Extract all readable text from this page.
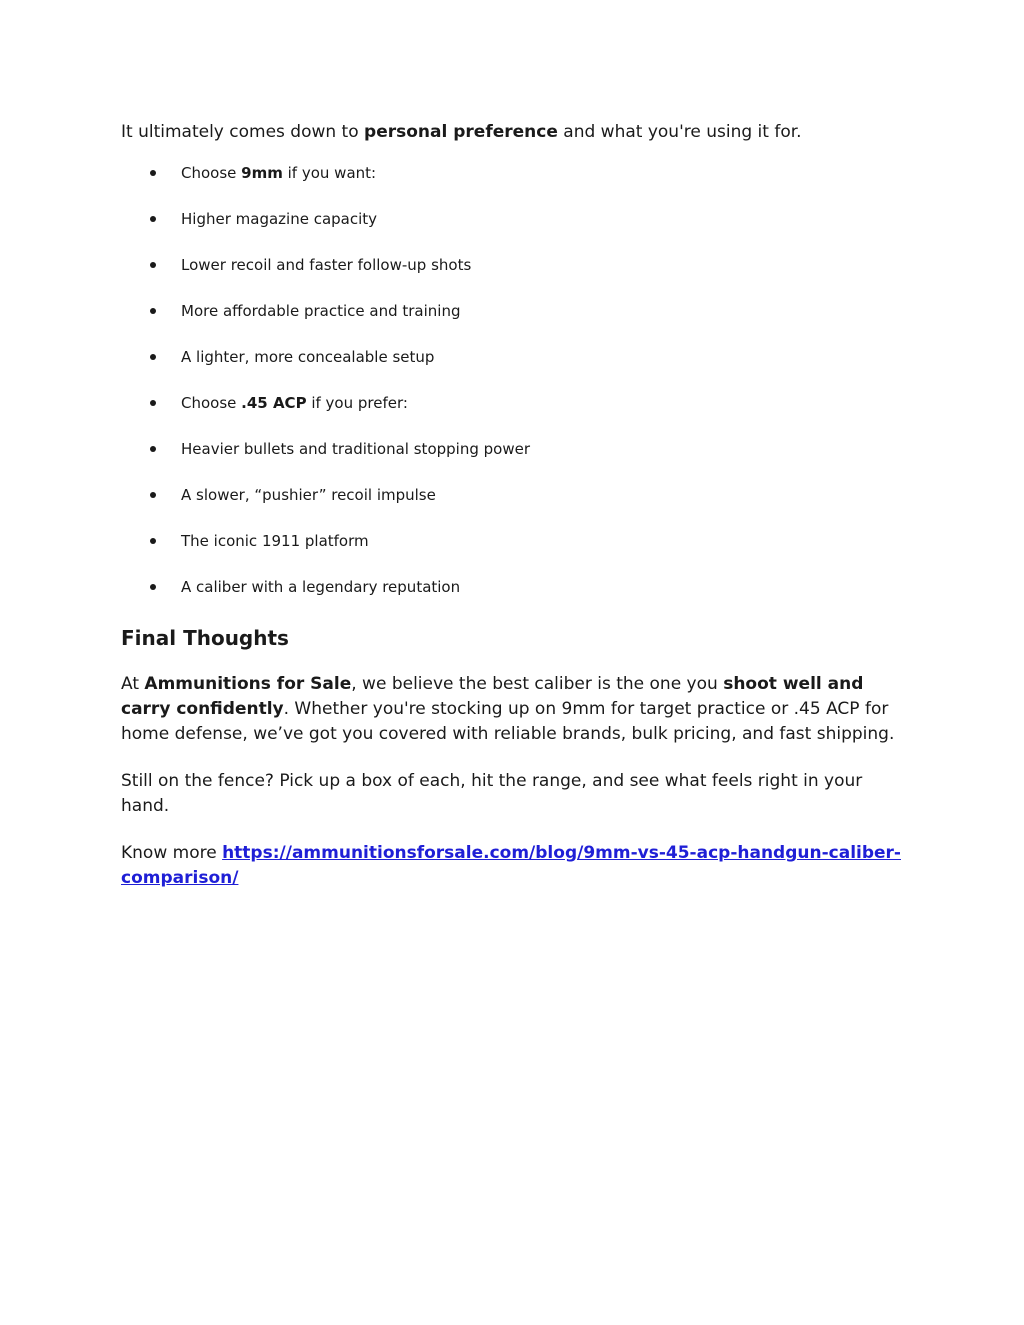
It ultimately comes down to personal preference and what you're using it for.

Choose 9mm if you want:
Higher magazine capacity
Lower recoil and faster follow-up shots
More affordable practice and training
A lighter, more concealable setup
Choose .45 ACP if you prefer:
Heavier bullets and traditional stopping power
A slower, “pushier” recoil impulse
The iconic 1911 platform
A caliber with a legendary reputation
Final Thoughts

At Ammunitions for Sale, we believe the best caliber is the one you shoot well and carry confidently. Whether you're stocking up on 9mm for target practice or .45 ACP for home defense, we’ve got you covered with reliable brands, bulk pricing, and fast shipping.

Still on the fence? Pick up a box of each, hit the range, and see what feels right in your hand.

Know more https://ammunitionsforsale.com/blog/9mm-vs-45-acp-handgun-caliber-comparison/
